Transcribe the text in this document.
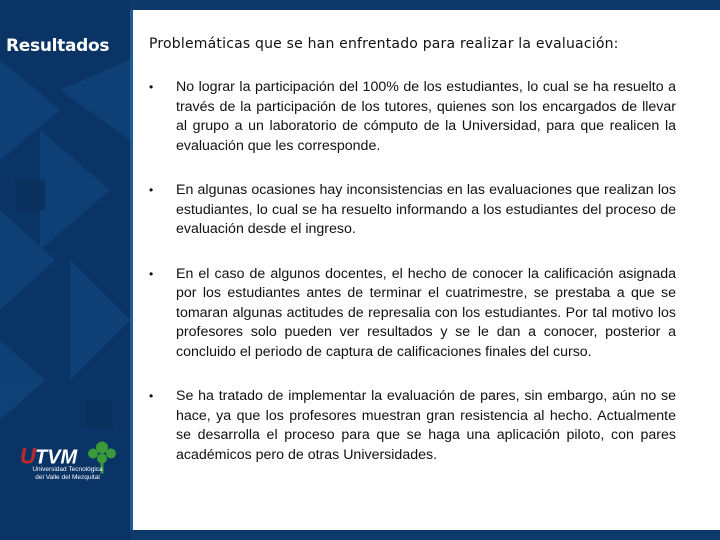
Resultados
U TVM
Universidad Tecnológica
del Valle del Mezquital
Problemáticas que se han enfrentado para realizar la evaluación:
• No lograr la participación del 100% de los estudiantes, lo cual se ha resuelto a través de la participación de los tutores, quienes son los encargados de llevar al grupo a un laboratorio de cómputo de la Universidad, para que realicen la evaluación que les corresponde.
• En algunas ocasiones hay inconsistencias en las evaluaciones que realizan los estudiantes, lo cual se ha resuelto informando a los estudiantes del proceso de evaluación desde el ingreso.
• En el caso de algunos docentes, el hecho de conocer la calificación asignada por los estudiantes antes de terminar el cuatrimestre, se prestaba a que se tomaran algunas actitudes de represalia con los estudiantes. Por tal motivo los profesores solo pueden ver resultados y se le dan a conocer, posterior a concluido el periodo de captura de calificaciones finales del curso.
• Se ha tratado de implementar la evaluación de pares, sin embargo, aún no se hace, ya que los profesores muestran gran resistencia al hecho. Actualmente se desarrolla el proceso para que se haga una aplicación piloto, con pares académicos pero de otras Universidades.
